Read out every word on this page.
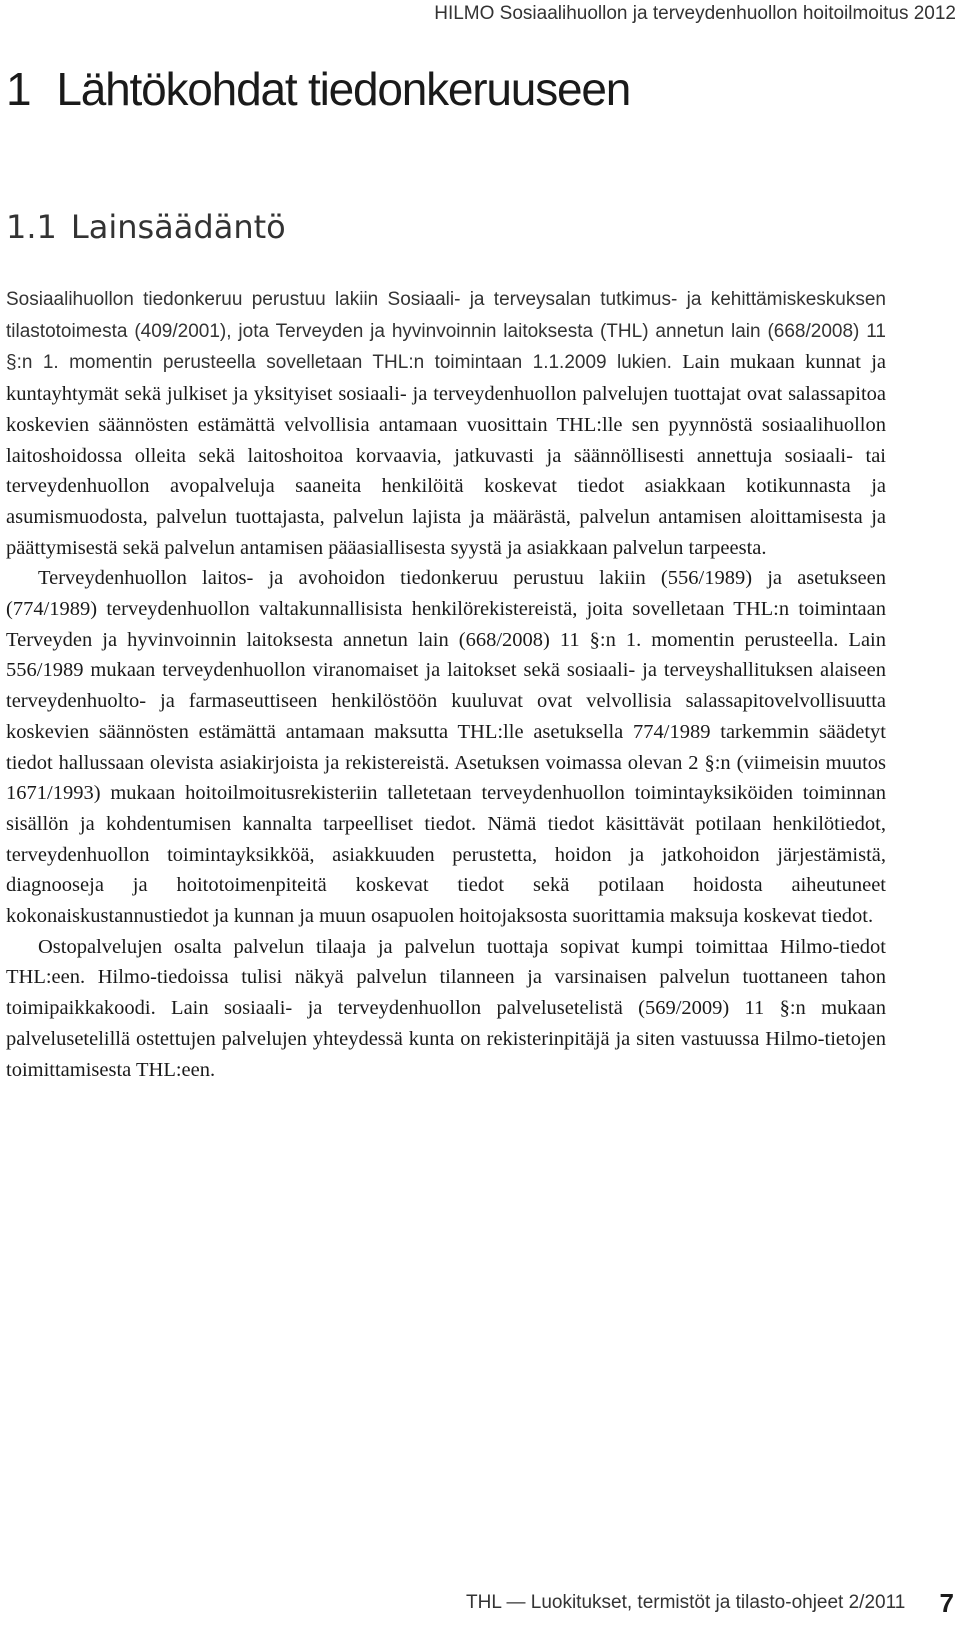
HILMO Sosiaalihuollon ja terveydenhuollon hoitoilmoitus 2012
1 Lähtökohdat tiedonkeruuseen
1.1 Lainsäädäntö

Sosiaalihuollon tiedonkeruu perustuu lakiin Sosiaali- ja terveysalan tutkimus- ja kehittämiskeskuksen tilastotoimesta (409/2001), jota Terveyden ja hyvinvoinnin laitoksesta (THL) annetun lain (668/2008) 11 §:n 1. momentin perusteella sovelletaan THL:n toimintaan 1.1.2009 lukien. Lain mukaan kunnat ja kuntayhtymät sekä julkiset ja yksityiset sosiaali- ja terveydenhuollon palvelujen tuottajat ovat salassapitoa koskevien säännösten estämättä velvollisia antamaan vuosittain THL:lle sen pyynnöstä sosiaalihuollon laitoshoidossa olleita sekä laitoshoitoa korvaavia, jatkuvasti ja säännöllisesti annettuja sosiaali- tai terveydenhuollon avopalveluja saaneita henkilöitä koskevat tiedot asiakkaan kotikunnasta ja asumismuodosta, palvelun tuottajasta, palvelun lajista ja määrästä, palvelun antamisen aloittamisesta ja päättymisestä sekä palvelun antamisen pääasiallisesta syystä ja asiakkaan palvelun tarpeesta.

Terveydenhuollon laitos- ja avohoidon tiedonkeruu perustuu lakiin (556/1989) ja asetukseen (774/1989) terveydenhuollon valtakunnallisista henkilörekistereistä, joita sovelletaan THL:n toimintaan Terveyden ja hyvinvoinnin laitoksesta annetun lain (668/2008) 11 §:n 1. momentin perusteella. Lain 556/1989 mukaan terveydenhuollon viranomaiset ja laitokset sekä sosiaali- ja terveyshallituksen alaiseen terveydenhuolto- ja farmaseuttiseen henkilöstöön kuuluvat ovat velvollisia salassapitovelvollisuutta koskevien säännösten estämättä antamaan maksutta THL:lle asetuksella 774/1989 tarkemmin säädetyt tiedot hallussaan olevista asiakirjoista ja rekistereistä. Asetuksen voimassa olevan 2 §:n (viimeisin muutos 1671/1993) mukaan hoitoilmoitusrekisteriin talletetaan terveydenhuollon toimintayksiköiden toiminnan sisällön ja kohdentumisen kannalta tarpeelliset tiedot. Nämä tiedot käsittävät potilaan henkilötiedot, terveydenhuollon toimintayksikköä, asiakkuuden perustetta, hoidon ja jatkohoidon järjestämistä, diagnooseja ja hoitotoimenpiteitä koskevat tiedot sekä potilaan hoidosta aiheutuneet kokonaiskustannustiedot ja kunnan ja muun osapuolen hoitojaksosta suorittamia maksuja koskevat tiedot.

Ostopalvelujen osalta palvelun tilaaja ja palvelun tuottaja sopivat kumpi toimittaa Hilmo-tiedot THL:een. Hilmo-tiedoissa tulisi näkyä palvelun tilanneen ja varsinaisen palvelun tuottaneen tahon toimipaikkakoodi. Lain sosiaali- ja terveydenhuollon palvelusetelistä (569/2009) 11 §:n mukaan palvelusetelillä ostettujen palvelujen yhteydessä kunta on rekisterinpitäjä ja siten vastuussa Hilmo-tietojen toimittamisesta THL:een.

THL — Luokitukset, termistöt ja tilasto-ohjeet 2/2011 7
